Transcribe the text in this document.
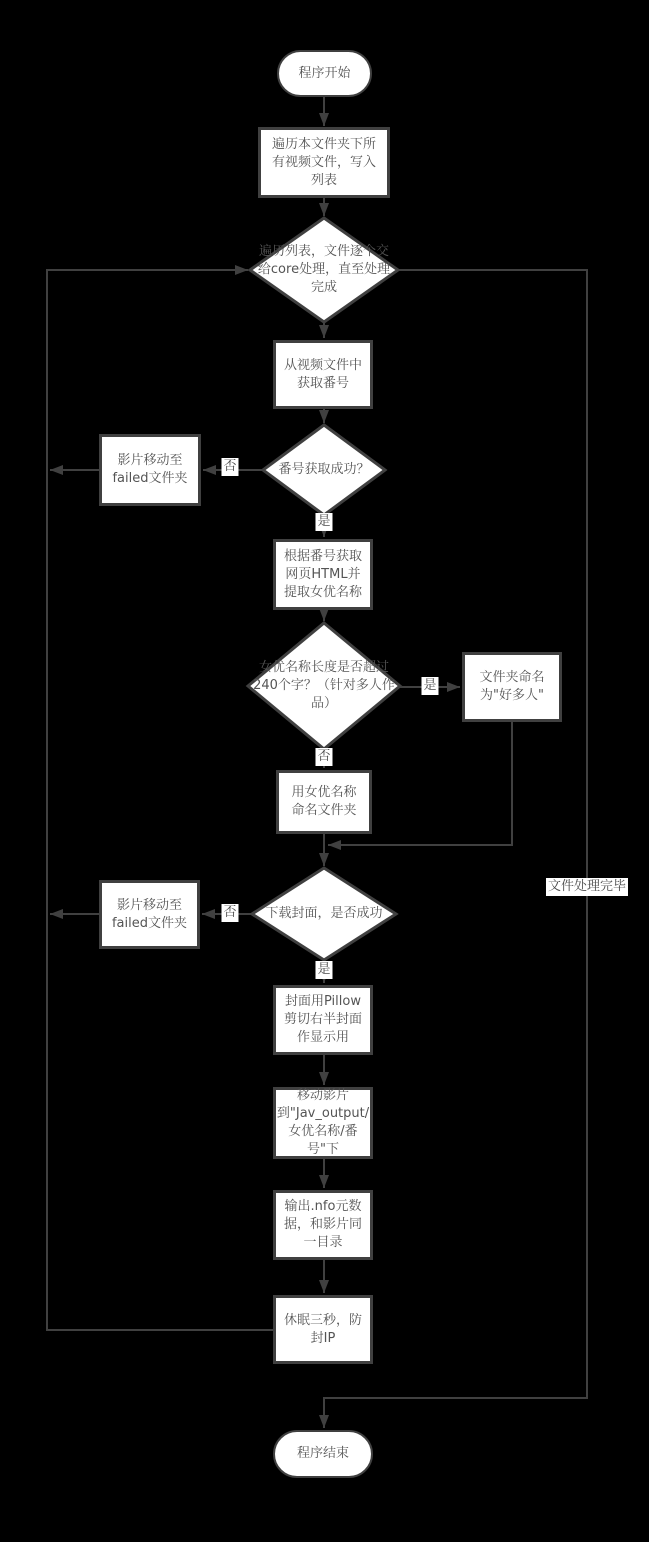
程序开始
遍历本文件夹下所有视频文件，写入列表
遍历列表，文件逐个交给core处理，直至处理完成
从视频文件中获取番号
番号获取成功？
影片移动至failed文件夹
根据番号获取网页HTML并提取女优名称
女优名称长度是否超过240个字？（针对多人作品）
文件夹命名为"好多人"
用女优名称命名文件夹
下载封面，是否成功
影片移动至failed文件夹
封面用Pillow剪切右半封面作显示用
移动影片到"Jav_output/女优名称/番号"下
输出.nfo元数据，和影片同一目录
休眠三秒，防封IP
程序结束
否
是
是
否
否
是
文件处理完毕
